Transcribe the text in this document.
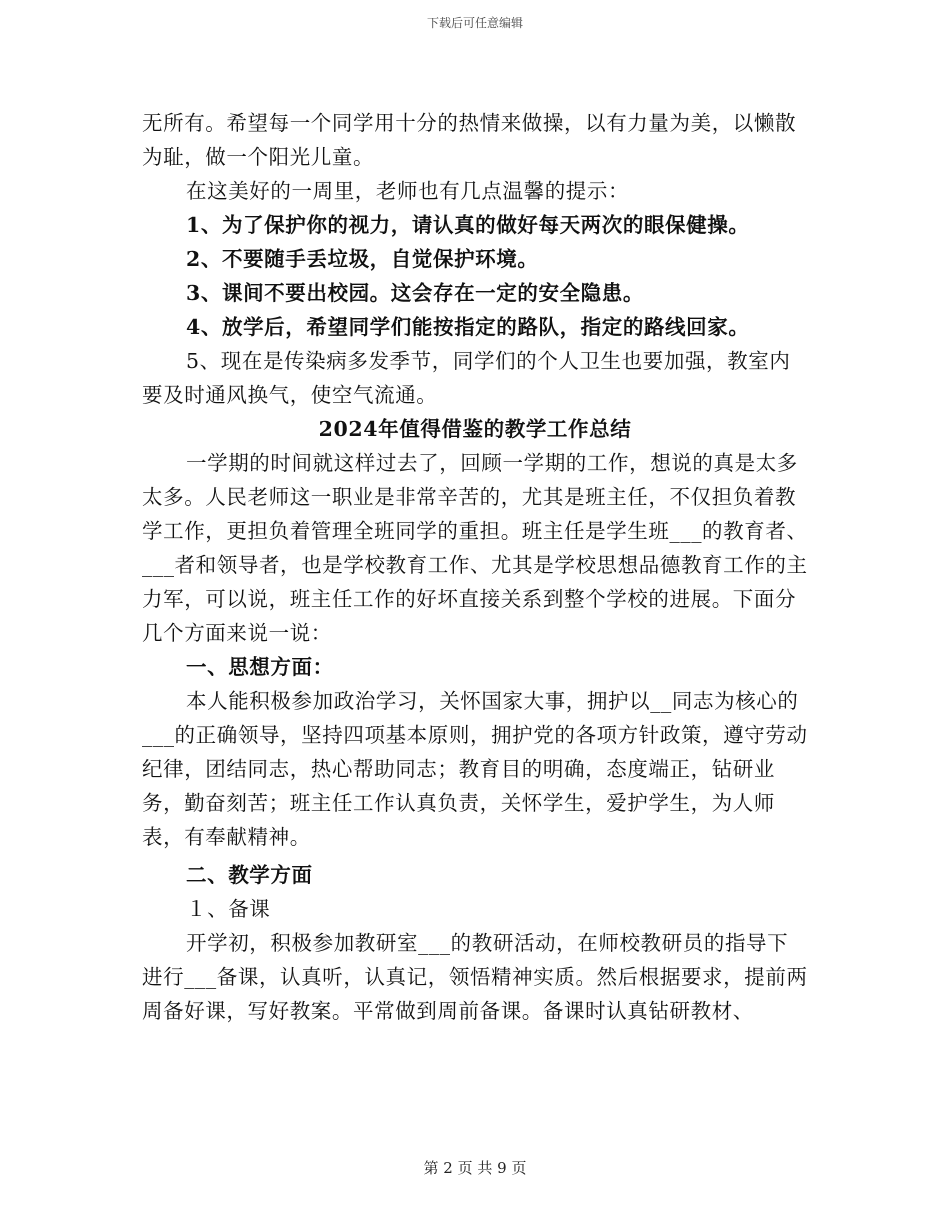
下载后可任意编辑

无所有。希望每一个同学用十分的热情来做操，以有力量为美，以懒散为耻，做一个阳光儿童。

在这美好的一周里，老师也有几点温馨的提示：

1、为了保护你的视力，请认真的做好每天两次的眼保健操。

2、不要随手丢垃圾，自觉保护环境。

3、课间不要出校园。这会存在一定的安全隐患。

4、放学后，希望同学们能按指定的路队，指定的路线回家。

5、现在是传染病多发季节，同学们的个人卫生也要加强，教室内要及时通风换气，使空气流通。

2024年值得借鉴的教学工作总结

一学期的时间就这样过去了，回顾一学期的工作，想说的真是太多太多。人民老师这一职业是非常辛苦的，尤其是班主任，不仅担负着教学工作，更担负着管理全班同学的重担。班主任是学生班___的教育者、___者和领导者，也是学校教育工作、尤其是学校思想品德教育工作的主力军，可以说，班主任工作的好坏直接关系到整个学校的进展。下面分几个方面来说一说：

一、思想方面：

本人能积极参加政治学习，关怀国家大事，拥护以__同志为核心的___的正确领导，坚持四项基本原则，拥护党的各项方针政策，遵守劳动纪律，团结同志，热心帮助同志；教育目的明确，态度端正，钻研业务，勤奋刻苦；班主任工作认真负责，关怀学生，爱护学生，为人师表，有奉献精神。

二、教学方面

１、备课

开学初，积极参加教研室___的教研活动，在师校教研员的指导下进行___备课，认真听，认真记，领悟精神实质。然后根据要求，提前两周备好课，写好教案。平常做到周前备课。备课时认真钻研教材、

第 2 页 共 9 页
